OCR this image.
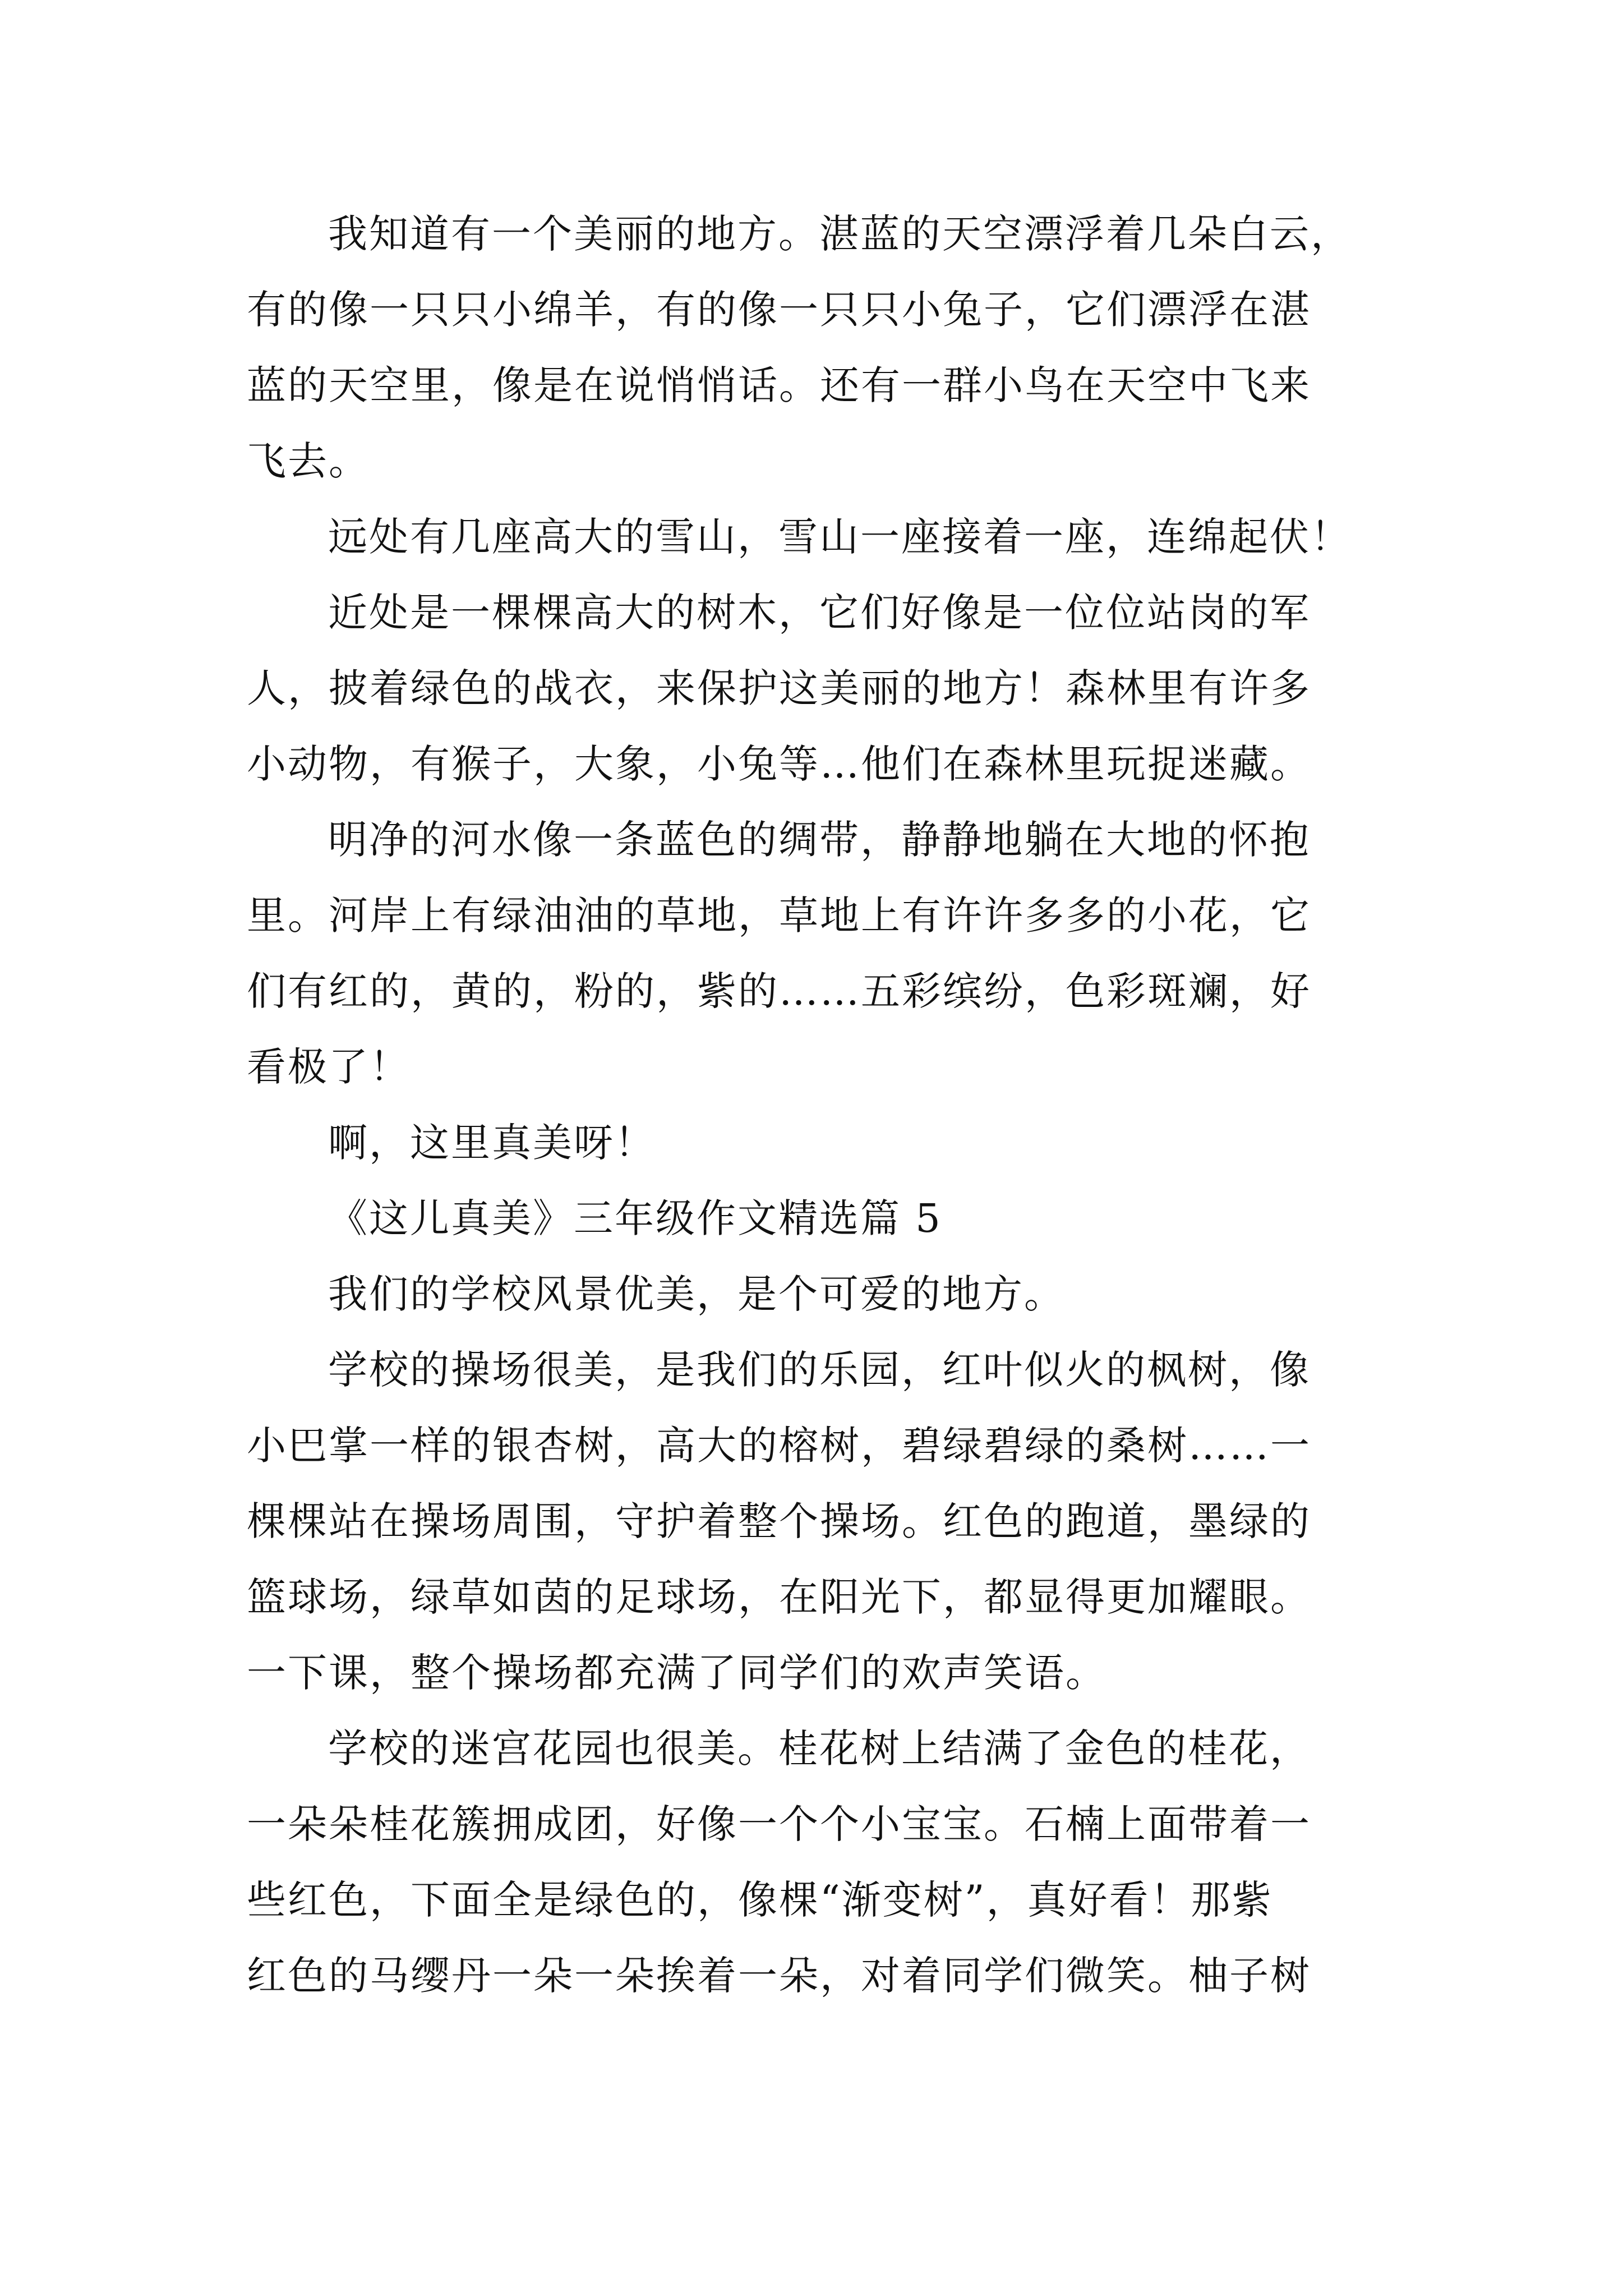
我知道有一个美丽的地方。湛蓝的天空漂浮着几朵白云，
有的像一只只小绵羊，有的像一只只小兔子，它们漂浮在湛
蓝的天空里，像是在说悄悄话。还有一群小鸟在天空中飞来
飞去。
远处有几座高大的雪山，雪山一座接着一座，连绵起伏！
近处是一棵棵高大的树木，它们好像是一位位站岗的军
人，披着绿色的战衣，来保护这美丽的地方！森林里有许多
小动物，有猴子，大象，小兔等…他们在森林里玩捉迷藏。
明净的河水像一条蓝色的绸带，静静地躺在大地的怀抱
里。河岸上有绿油油的草地，草地上有许许多多的小花，它
们有红的，黄的，粉的，紫的……五彩缤纷，色彩斑斓，好
看极了！
啊，这里真美呀！
《这儿真美》三年级作文精选篇 5
我们的学校风景优美，是个可爱的地方。
学校的操场很美，是我们的乐园，红叶似火的枫树，像
小巴掌一样的银杏树，高大的榕树，碧绿碧绿的桑树……一
棵棵站在操场周围，守护着整个操场。红色的跑道，墨绿的
篮球场，绿草如茵的足球场，在阳光下，都显得更加耀眼。
一下课，整个操场都充满了同学们的欢声笑语。
学校的迷宫花园也很美。桂花树上结满了金色的桂花，
一朵朵桂花簇拥成团，好像一个个小宝宝。石楠上面带着一
些红色，下面全是绿色的，像棵“渐变树”，真好看！那紫
红色的马缨丹一朵一朵挨着一朵，对着同学们微笑。柚子树
